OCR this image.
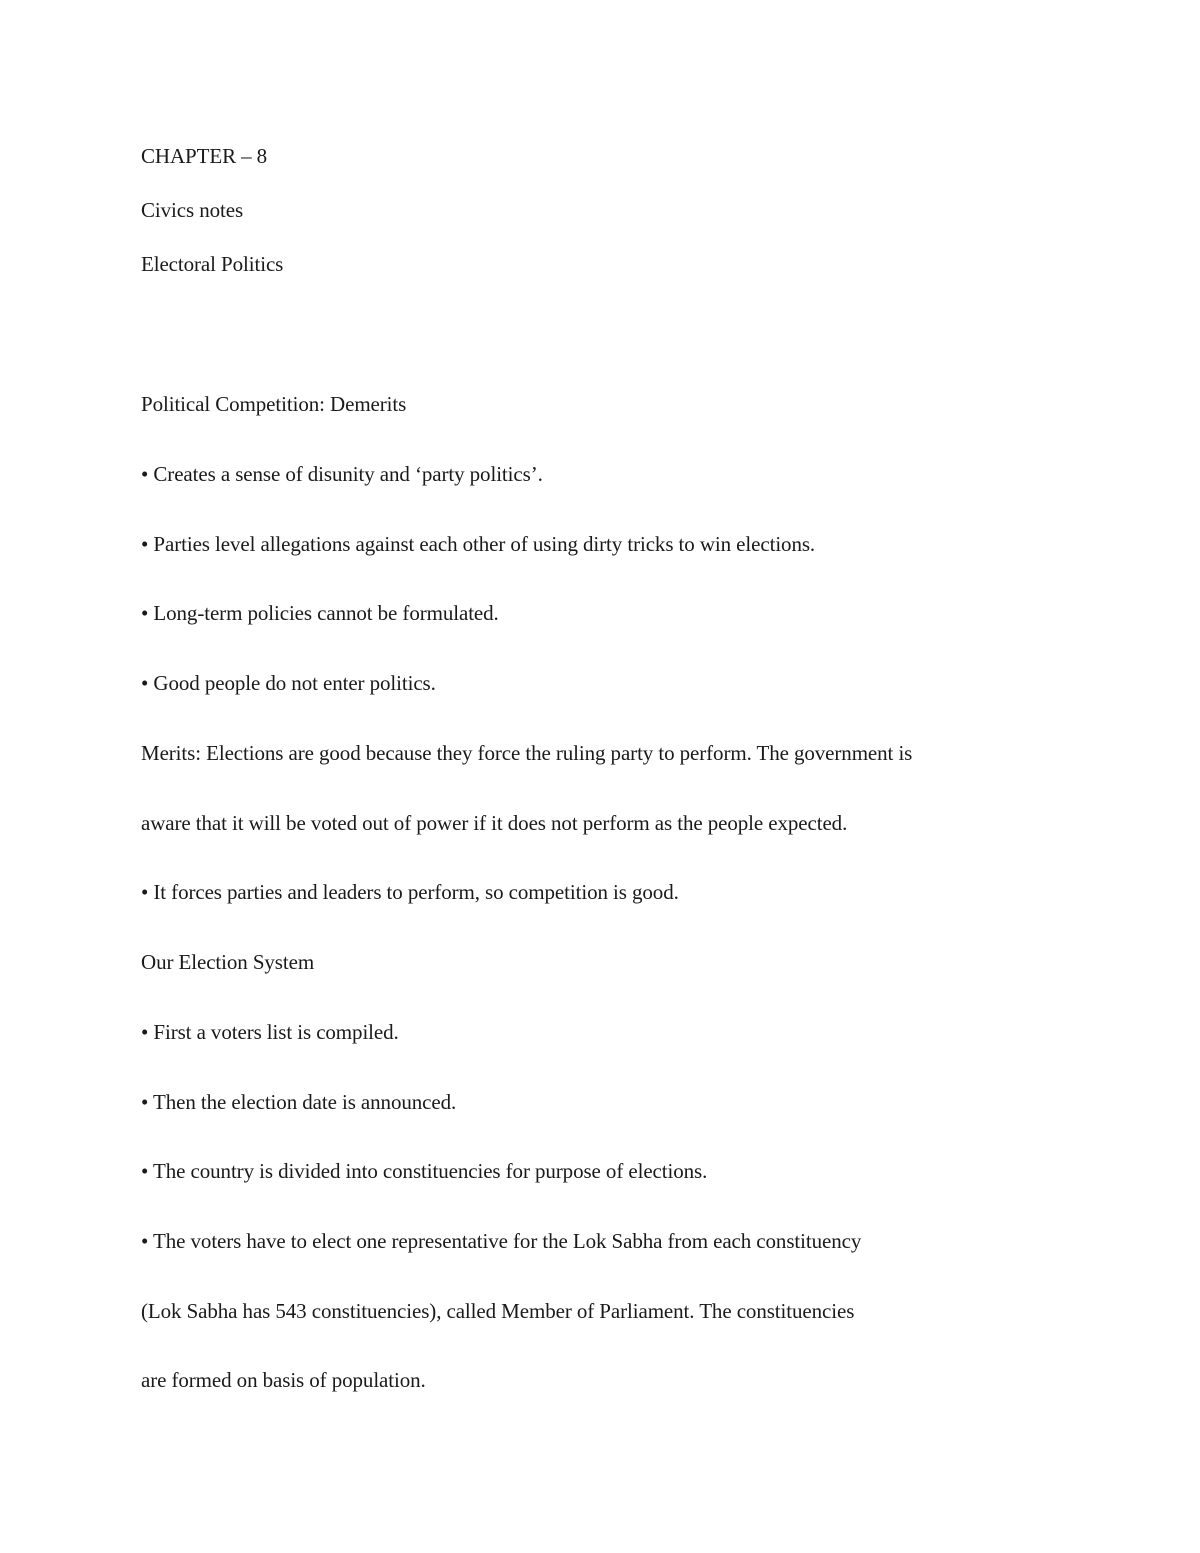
CHAPTER – 8
Civics notes
Electoral Politics
Political Competition: Demerits
• Creates a sense of disunity and ‘party politics’.
• Parties level allegations against each other of using dirty tricks to win elections.
• Long-term policies cannot be formulated.
• Good people do not enter politics.
Merits: Elections are good because they force the ruling party to perform. The government is
aware that it will be voted out of power if it does not perform as the people expected.
• It forces parties and leaders to perform, so competition is good.
Our Election System
• First a voters list is compiled.
• Then the election date is announced.
• The country is divided into constituencies for purpose of elections.
• The voters have to elect one representative for the Lok Sabha from each constituency
(Lok Sabha has 543 constituencies), called Member of Parliament. The constituencies
are formed on basis of population.
